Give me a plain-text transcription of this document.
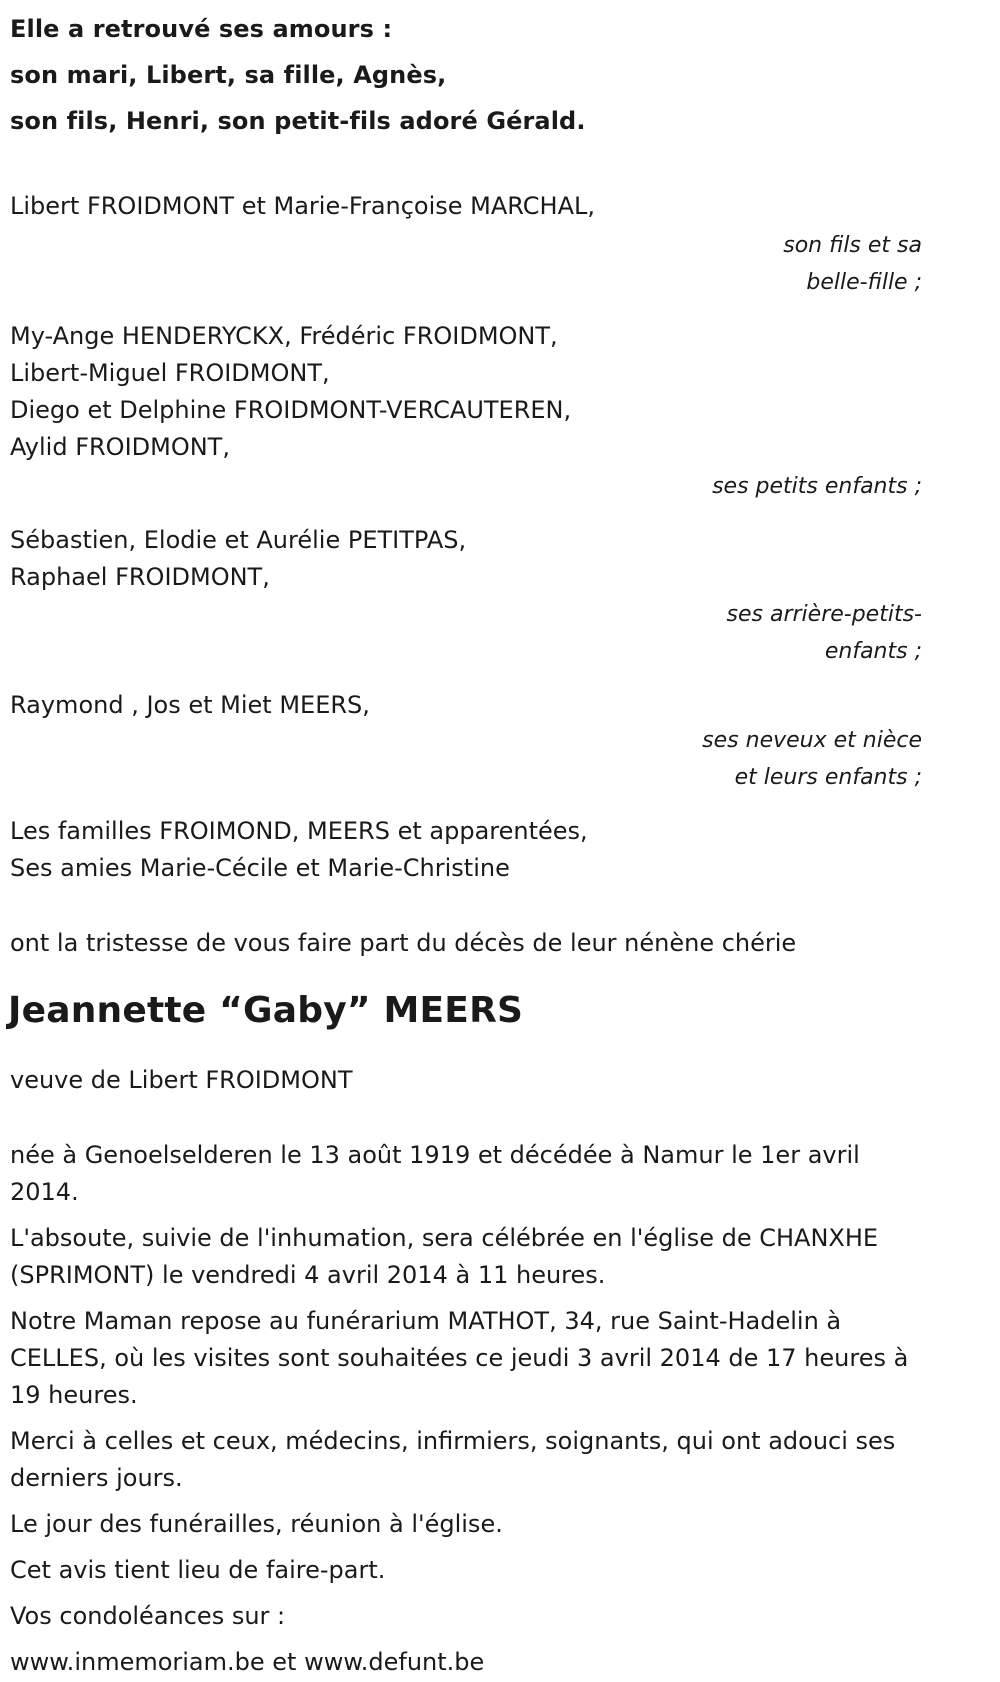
Elle a retrouvé ses amours :
son mari, Libert, sa fille, Agnès,
son fils, Henri, son petit-fils adoré Gérald.
Libert FROIDMONT et Marie-Françoise MARCHAL,
son fils et sa
belle-fille ;
My-Ange HENDERYCKX, Frédéric FROIDMONT,
Libert-Miguel FROIDMONT,
Diego et Delphine FROIDMONT-VERCAUTEREN,
Aylid FROIDMONT,
ses petits enfants ;
Sébastien, Elodie et Aurélie PETITPAS,
Raphael FROIDMONT,
ses arrière-petits-
enfants ;
Raymond , Jos et Miet MEERS,
ses neveux et nièce
et leurs enfants ;
Les familles FROIMOND, MEERS et apparentées,
Ses amies Marie-Cécile et Marie-Christine
ont la tristesse de vous faire part du décès de leur nénène chérie
Jeannette “Gaby” MEERS
veuve de Libert FROIDMONT
née à Genoelselderen le 13 août 1919 et décédée à Namur le 1er avril 2014.
L'absoute, suivie de l'inhumation, sera célébrée en l'église de CHANXHE (SPRIMONT) le vendredi 4 avril 2014 à 11 heures.
Notre Maman repose au funérarium MATHOT, 34, rue Saint-Hadelin à CELLES, où les visites sont souhaitées ce jeudi 3 avril 2014 de 17 heures à 19 heures.
Merci à celles et ceux, médecins, infirmiers, soignants, qui ont adouci ses derniers jours.
Le jour des funérailles, réunion à l'église.
Cet avis tient lieu de faire-part.
Vos condoléances sur :
www.inmemoriam.be et www.defunt.be
